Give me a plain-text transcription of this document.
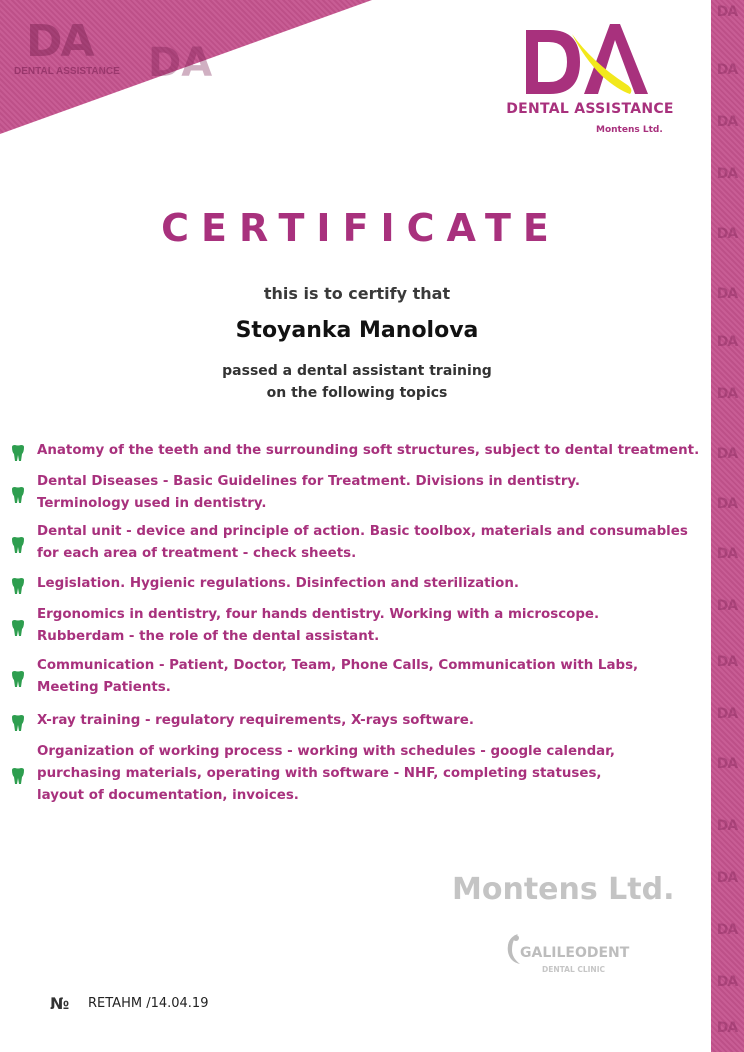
DA
DENTAL ASSISTANCE DA
DA
DA
DA
DA
DA
DA
DA
DA
DA
DA
DA
DA
DA
DA
DA
DA
DA
DA
DA
DA
DENTAL ASSISTANCE
Montens Ltd.
CERTIFICATE
this is to certify that
Stoyanka Manolova
passed a dental assistant training
on the following topics
Anatomy of the teeth and the surrounding soft structures, subject to dental treatment.
Dental Diseases - Basic Guidelines for Treatment. Divisions in dentistry.
Terminology used in dentistry.
Dental unit - device and principle of action. Basic toolbox, materials and consumables
for each area of treatment - check sheets.
Legislation. Hygienic regulations. Disinfection and sterilization.
Ergonomics in dentistry, four hands dentistry. Working with a microscope.
Rubberdam - the role of the dental assistant.
Communication - Patient, Doctor, Team, Phone Calls, Communication with Labs,
Meeting Patients.
X-ray training - regulatory requirements, X-rays software.
Organization of working process - working with schedules - google calendar,
purchasing materials, operating with software - NHF, completing statuses,
layout of documentation, invoices.
Montens Ltd.
GALILEODENT
DENTAL CLINIC
№ RETAHM /14.04.19
